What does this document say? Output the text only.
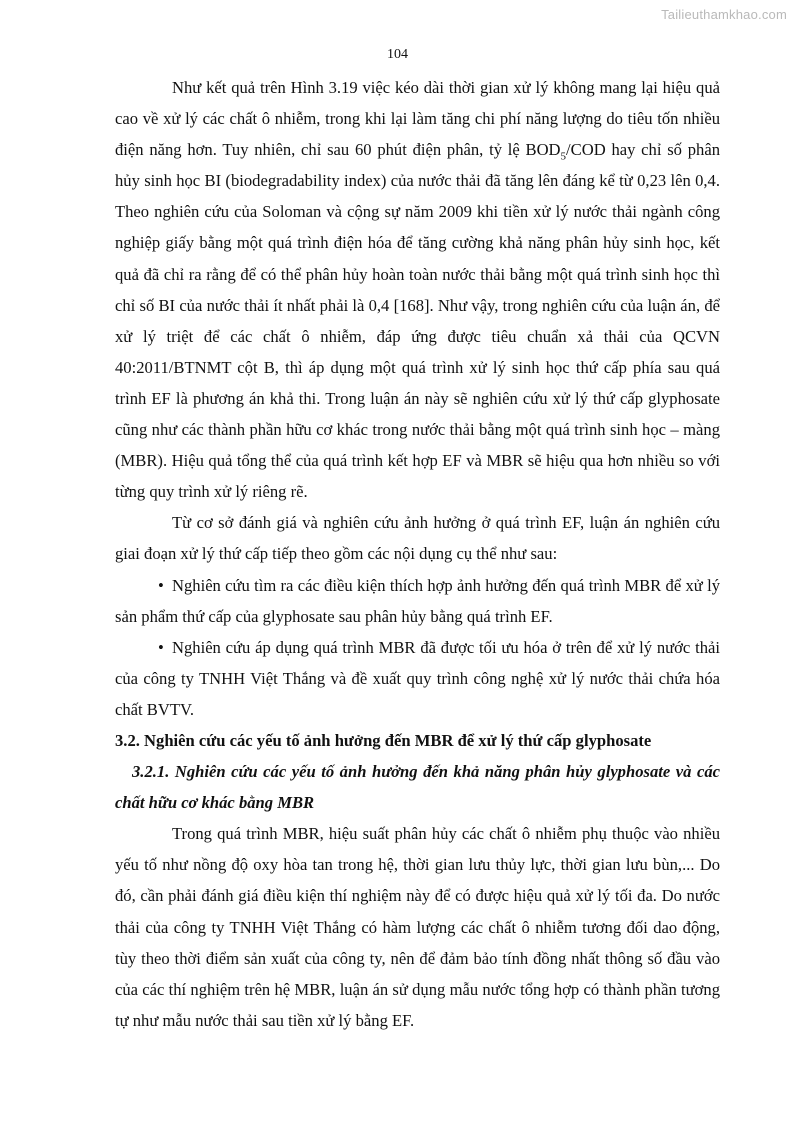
Tailieuthamkhao.com
104

Như kết quả trên Hình 3.19 việc kéo dài thời gian xử lý không mang lại hiệu quả cao về xử lý các chất ô nhiễm, trong khi lại làm tăng chi phí năng lượng do tiêu tốn nhiều điện năng hơn. Tuy nhiên, chỉ sau 60 phút điện phân, tỷ lệ $BOD_5$/COD hay chỉ số phân hủy sinh học BI (biodegradability index) của nước thải đã tăng lên đáng kể từ 0,23 lên 0,4. Theo nghiên cứu của Soloman và cộng sự năm 2009 khi tiền xử lý nước thải ngành công nghiệp giấy bằng một quá trình điện hóa để tăng cường khả năng phân hủy sinh học, kết quả đã chỉ ra rằng để có thể phân hủy hoàn toàn nước thải bằng một quá trình sinh học thì chỉ số BI của nước thải ít nhất phải là 0,4 [168]. Như vậy, trong nghiên cứu của luận án, để xử lý triệt để các chất ô nhiễm, đáp ứng được tiêu chuẩn xả thải của QCVN 40:2011/BTNMT cột B, thì áp dụng một quá trình xử lý sinh học thứ cấp phía sau quá trình EF là phương án khả thi. Trong luận án này sẽ nghiên cứu xử lý thứ cấp glyphosate cũng như các thành phần hữu cơ khác trong nước thải bằng một quá trình sinh học – màng (MBR). Hiệu quả tổng thể của quá trình kết hợp EF và MBR sẽ hiệu qua hơn nhiều so với từng quy trình xử lý riêng rẽ.

Từ cơ sở đánh giá và nghiên cứu ảnh hưởng ở quá trình EF, luận án nghiên cứu giai đoạn xử lý thứ cấp tiếp theo gồm các nội dụng cụ thể như sau:

• Nghiên cứu tìm ra các điều kiện thích hợp ảnh hưởng đến quá trình MBR để xử lý sản phẩm thứ cấp của glyphosate sau phân hủy bằng quá trình EF.

• Nghiên cứu áp dụng quá trình MBR đã được tối ưu hóa ở trên để xử lý nước thải của công ty TNHH Việt Thắng và đề xuất quy trình công nghệ xử lý nước thải chứa hóa chất BVTV.

3.2. Nghiên cứu các yếu tố ảnh hưởng đến MBR để xử lý thứ cấp glyphosate
3.2.1. Nghiên cứu các yếu tố ảnh hưởng đến khả năng phân hủy glyphosate và các chất hữu cơ khác bằng MBR

Trong quá trình MBR, hiệu suất phân hủy các chất ô nhiễm phụ thuộc vào nhiều yếu tố như nồng độ oxy hòa tan trong hệ, thời gian lưu thủy lực, thời gian lưu bùn,... Do đó, cần phải đánh giá điều kiện thí nghiệm này để có được hiệu quả xử lý tối đa. Do nước thải của công ty TNHH Việt Thắng có hàm lượng các chất ô nhiễm tương đối dao động, tùy theo thời điểm sản xuất của công ty, nên để đảm bảo tính đồng nhất thông số đầu vào của các thí nghiệm trên hệ MBR, luận án sử dụng mẫu nước tổng hợp có thành phần tương tự như mẫu nước thải sau tiền xử lý bằng EF.
